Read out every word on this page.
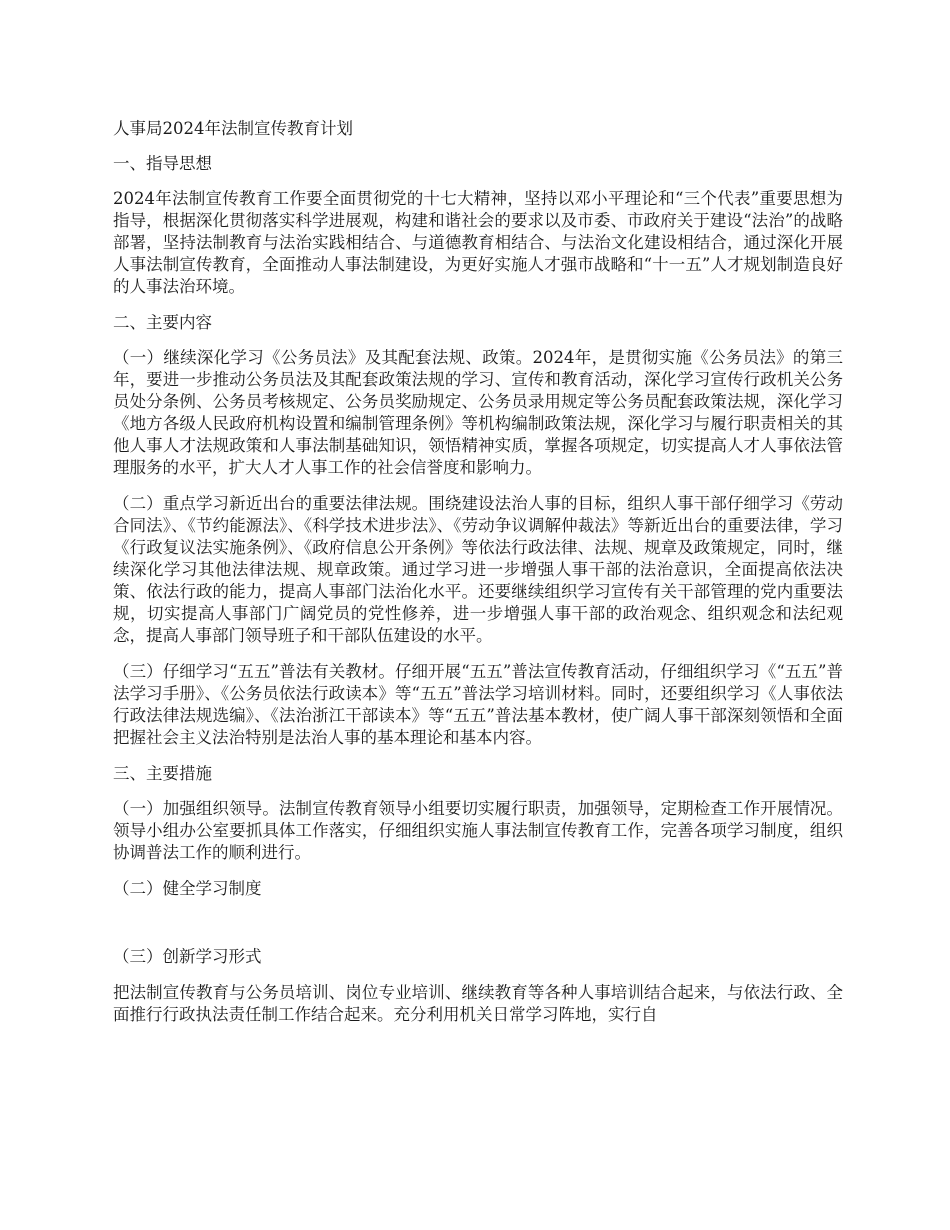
人事局2024年法制宣传教育计划

一、指导思想

2024年法制宣传教育工作要全面贯彻党的十七大精神，坚持以邓小平理论和“三个代表”重要思想为指导，根据深化贯彻落实科学进展观，构建和谐社会的要求以及市委、市政府关于建设“法治”的战略部署，坚持法制教育与法治实践相结合、与道德教育相结合、与法治文化建设相结合，通过深化开展人事法制宣传教育，全面推动人事法制建设，为更好实施人才强市战略和“十一五”人才规划制造良好的人事法治环境。

二、主要内容

（一）继续深化学习《公务员法》及其配套法规、政策。2024年，是贯彻实施《公务员法》的第三年，要进一步推动公务员法及其配套政策法规的学习、宣传和教育活动，深化学习宣传行政机关公务员处分条例、公务员考核规定、公务员奖励规定、公务员录用规定等公务员配套政策法规，深化学习《地方各级人民政府机构设置和编制管理条例》等机构编制政策法规，深化学习与履行职责相关的其他人事人才法规政策和人事法制基础知识，领悟精神实质，掌握各项规定，切实提高人才人事依法管理服务的水平，扩大人才人事工作的社会信誉度和影响力。

（二）重点学习新近出台的重要法律法规。围绕建设法治人事的目标，组织人事干部仔细学习《劳动合同法》、《节约能源法》、《科学技术进步法》、《劳动争议调解仲裁法》等新近出台的重要法律，学习《行政复议法实施条例》、《政府信息公开条例》等依法行政法律、法规、规章及政策规定，同时，继续深化学习其他法律法规、规章政策。通过学习进一步增强人事干部的法治意识，全面提高依法决策、依法行政的能力，提高人事部门法治化水平。还要继续组织学习宣传有关干部管理的党内重要法规，切实提高人事部门广阔党员的党性修养，进一步增强人事干部的政治观念、组织观念和法纪观念，提高人事部门领导班子和干部队伍建设的水平。

（三）仔细学习“五五”普法有关教材。仔细开展“五五”普法宣传教育活动，仔细组织学习《“五五”普法学习手册》、《公务员依法行政读本》等“五五”普法学习培训材料。同时，还要组织学习《人事依法行政法律法规选编》、《法治浙江干部读本》等“五五”普法基本教材，使广阔人事干部深刻领悟和全面把握社会主义法治特别是法治人事的基本理论和基本内容。

三、主要措施

（一）加强组织领导。法制宣传教育领导小组要切实履行职责，加强领导，定期检查工作开展情况。领导小组办公室要抓具体工作落实，仔细组织实施人事法制宣传教育工作，完善各项学习制度，组织协调普法工作的顺利进行。

（二）健全学习制度

（三）创新学习形式

把法制宣传教育与公务员培训、岗位专业培训、继续教育等各种人事培训结合起来，与依法行政、全面推行行政执法责任制工作结合起来。充分利用机关日常学习阵地，实行自
